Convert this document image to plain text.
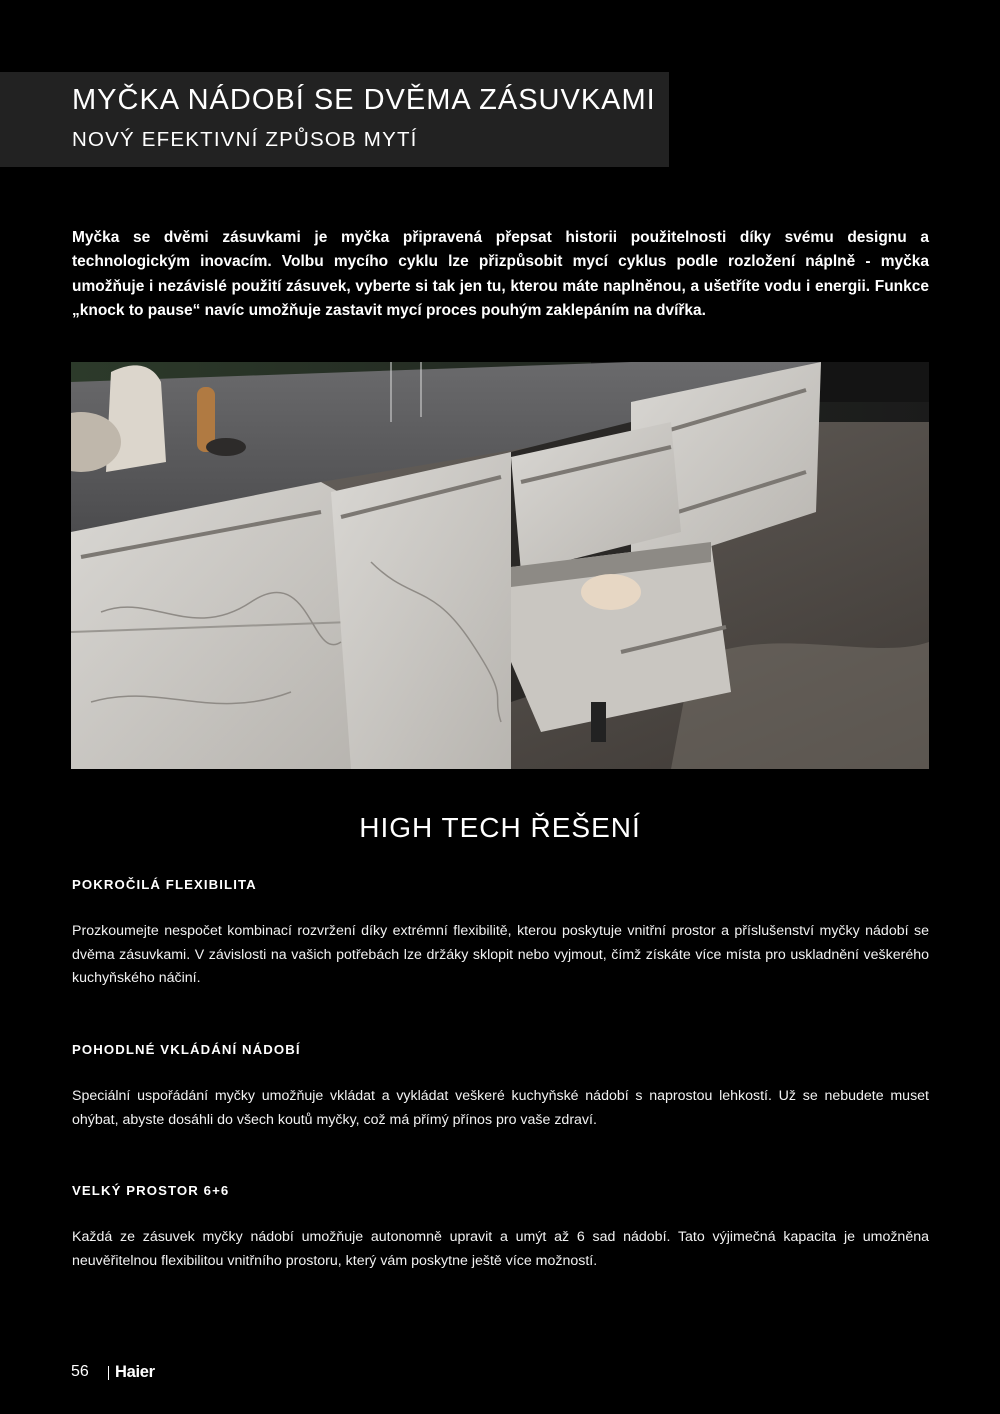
MYČKA NÁDOBÍ SE DVĚMA ZÁSUVKAMI
NOVÝ EFEKTIVNÍ ZPŮSOB MYTÍ

Myčka se dvěmi zásuvkami je myčka připravená přepsat historii použitelnosti díky svému designu a technologickým inovacím. Volbu mycího cyklu lze přizpůsobit mycí cyklus podle rozložení náplně - myčka umožňuje i nezávislé použití zásuvek, vyberte si tak jen tu, kterou máte naplněnou, a ušetříte vodu i energii. Funkce „knock to pause“ navíc umožňuje zastavit mycí proces pouhým zaklepáním na dvířka.

HIGH TECH ŘEŠENÍ
POKROČILÁ FLEXIBILITA

Prozkoumejte nespočet kombinací rozvržení díky extrémní flexibilitě, kterou poskytuje vnitřní prostor a příslušenství myčky nádobí se dvěma zásuvkami. V závislosti na vašich potřebách lze držáky sklopit nebo vyjmout, čímž získáte více místa pro uskladnění veškerého kuchyňského náčiní.

POHODLNÉ VKLÁDÁNÍ NÁDOBÍ

Speciální uspořádání myčky umožňuje vkládat a vykládat veškeré kuchyňské nádobí s naprostou lehkostí. Už se nebudete muset ohýbat, abyste dosáhli do všech koutů myčky, což má přímý přínos pro vaše zdraví.

VELKÝ PROSTOR 6+6

Každá ze zásuvek myčky nádobí umožňuje autonomně upravit a umýt až 6 sad nádobí. Tato výjimečná kapacita je umožněna neuvěřitelnou flexibilitou vnitřního prostoru, který vám poskytne ještě více možností.

56 Haier
